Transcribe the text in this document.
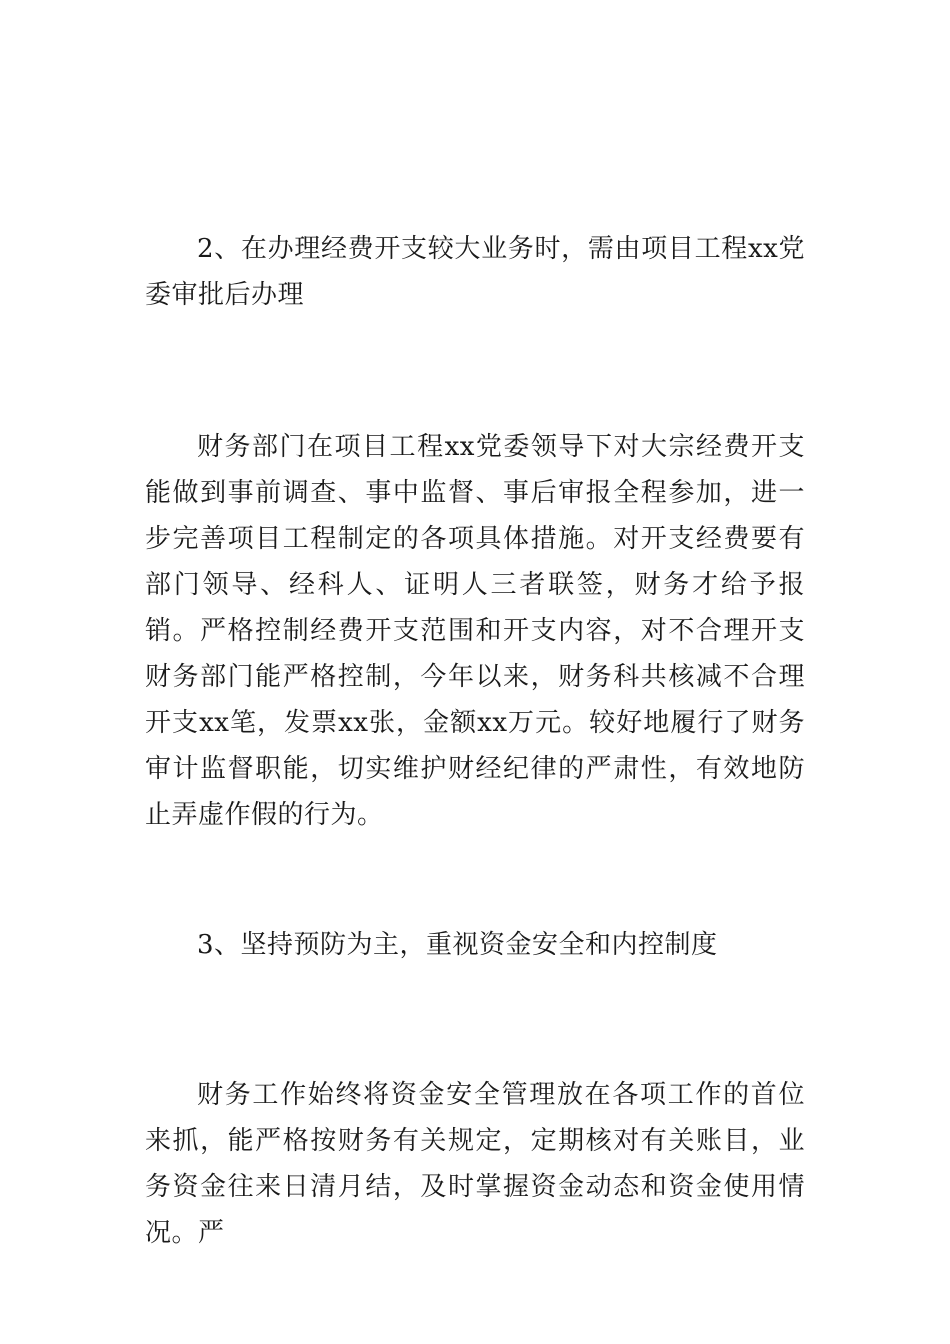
2、在办理经费开支较大业务时，需由项目工程xx党委审批后办理

财务部门在项目工程xx党委领导下对大宗经费开支能做到事前调查、事中监督、事后审报全程参加，进一步完善项目工程制定的各项具体措施。对开支经费要有部门领导、经科人、证明人三者联签，财务才给予报销。严格控制经费开支范围和开支内容，对不合理开支财务部门能严格控制，今年以来，财务科共核减不合理开支xx笔，发票xx张，金额xx万元。较好地履行了财务审计监督职能，切实维护财经纪律的严肃性，有效地防止弄虚作假的行为。

3、坚持预防为主，重视资金安全和内控制度

财务工作始终将资金安全管理放在各项工作的首位来抓，能严格按财务有关规定，定期核对有关账目，业务资金往来日清月结，及时掌握资金动态和资金使用情况。严
